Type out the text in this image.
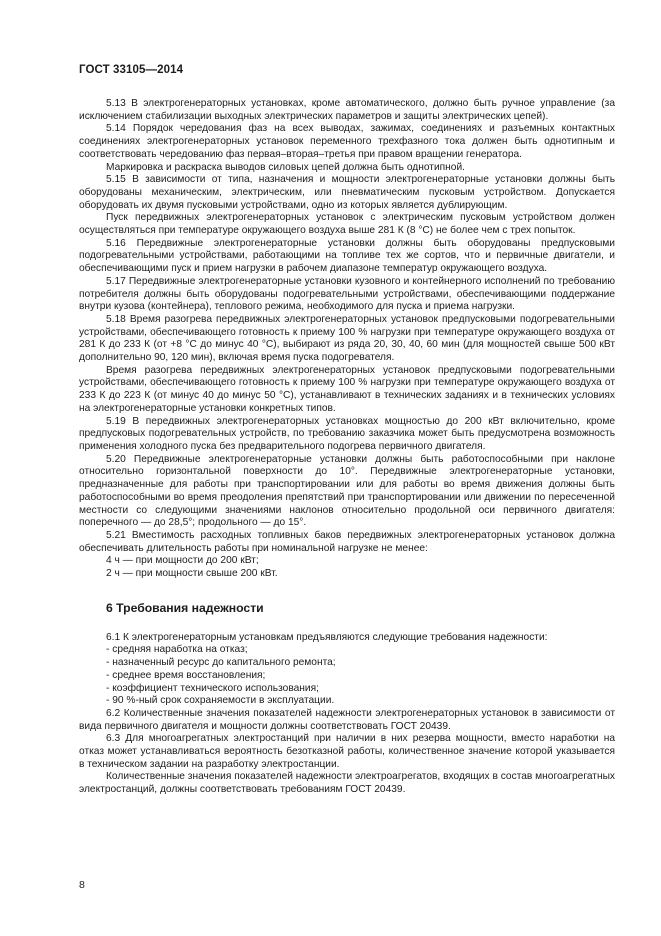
ГОСТ 33105—2014

5.13 В электрогенераторных установках, кроме автоматического, должно быть ручное управление (за исключением стабилизации выходных электрических параметров и защиты электрических цепей).

5.14 Порядок чередования фаз на всех выводах, зажимах, соединениях и разъемных контактных соединениях электрогенераторных установок переменного трехфазного тока должен быть однотипным и соответствовать чередованию фаз первая–вторая–третья при правом вращении генератора.

Маркировка и раскраска выводов силовых цепей должна быть однотипной.

5.15 В зависимости от типа, назначения и мощности электрогенераторные установки должны быть оборудованы механическим, электрическим, или пневматическим пусковым устройством. Допускается оборудовать их двумя пусковыми устройствами, одно из которых является дублирующим.

Пуск передвижных электрогенераторных установок с электрическим пусковым устройством должен осуществляться при температуре окружающего воздуха выше 281 К (8 °С) не более чем с трех попыток.

5.16 Передвижные электрогенераторные установки должны быть оборудованы предпусковыми подогревательными устройствами, работающими на топливе тех же сортов, что и первичные двигатели, и обеспечивающими пуск и прием нагрузки в рабочем диапазоне температур окружающего воздуха.

5.17 Передвижные электрогенераторные установки кузовного и контейнерного исполнений по требованию потребителя должны быть оборудованы подогревательными устройствами, обеспечивающими поддержание внутри кузова (контейнера), теплового режима, необходимого для пуска и приема нагрузки.

5.18 Время разогрева передвижных электрогенераторных установок предпусковыми подогревательными устройствами, обеспечивающего готовность к приему 100 % нагрузки при температуре окружающего воздуха от 281 К до 233 К (от +8 °С до минус 40 °С), выбирают из ряда 20, 30, 40, 60 мин (для мощностей свыше 500 кВт дополнительно 90, 120 мин), включая время пуска подогревателя.

Время разогрева передвижных электрогенераторных установок предпусковыми подогревательными устройствами, обеспечивающего готовность к приему 100 % нагрузки при температуре окружающего воздуха от 233 К до 223 К (от минус 40 до минус 50 °С), устанавливают в технических заданиях и в технических условиях на электрогенераторные установки конкретных типов.

5.19 В передвижных электрогенераторных установках мощностью до 200 кВт включительно, кроме предпусковых подогревательных устройств, по требованию заказчика может быть предусмотрена возможность применения холодного пуска без предварительного подогрева первичного двигателя.

5.20 Передвижные электрогенераторные установки должны быть работоспособными при наклоне относительно горизонтальной поверхности до 10°. Передвижные электрогенераторные установки, предназначенные для работы при транспортировании или для работы во время движения должны быть работоспособными во время преодоления препятствий при транспортировании или движении по пересеченной местности со следующими значениями наклонов относительно продольной оси первичного двигателя: поперечного — до 28,5°; продольного — до 15°.

5.21 Вместимость расходных топливных баков передвижных электрогенераторных установок должна обеспечивать длительность работы при номинальной нагрузке не менее:

4 ч — при мощности до 200 кВт;

2 ч — при мощности свыше 200 кВт.

6 Требования надежности

6.1 К электрогенераторным установкам предъявляются следующие требования надежности:

- средняя наработка на отказ;

- назначенный ресурс до капитального ремонта;

- среднее время восстановления;

- коэффициент технического использования;

- 90 %-ный срок сохраняемости в эксплуатации.

6.2 Количественные значения показателей надежности электрогенераторных установок в зависимости от вида первичного двигателя и мощности должны соответствовать ГОСТ 20439.

6.3 Для многоагрегатных электростанций при наличии в них резерва мощности, вместо наработки на отказ может устанавливаться вероятность безотказной работы, количественное значение которой указывается в техническом задании на разработку электростанции.

Количественные значения показателей надежности электроагрегатов, входящих в состав многоагрегатных электростанций, должны соответствовать требованиям ГОСТ 20439.

8
